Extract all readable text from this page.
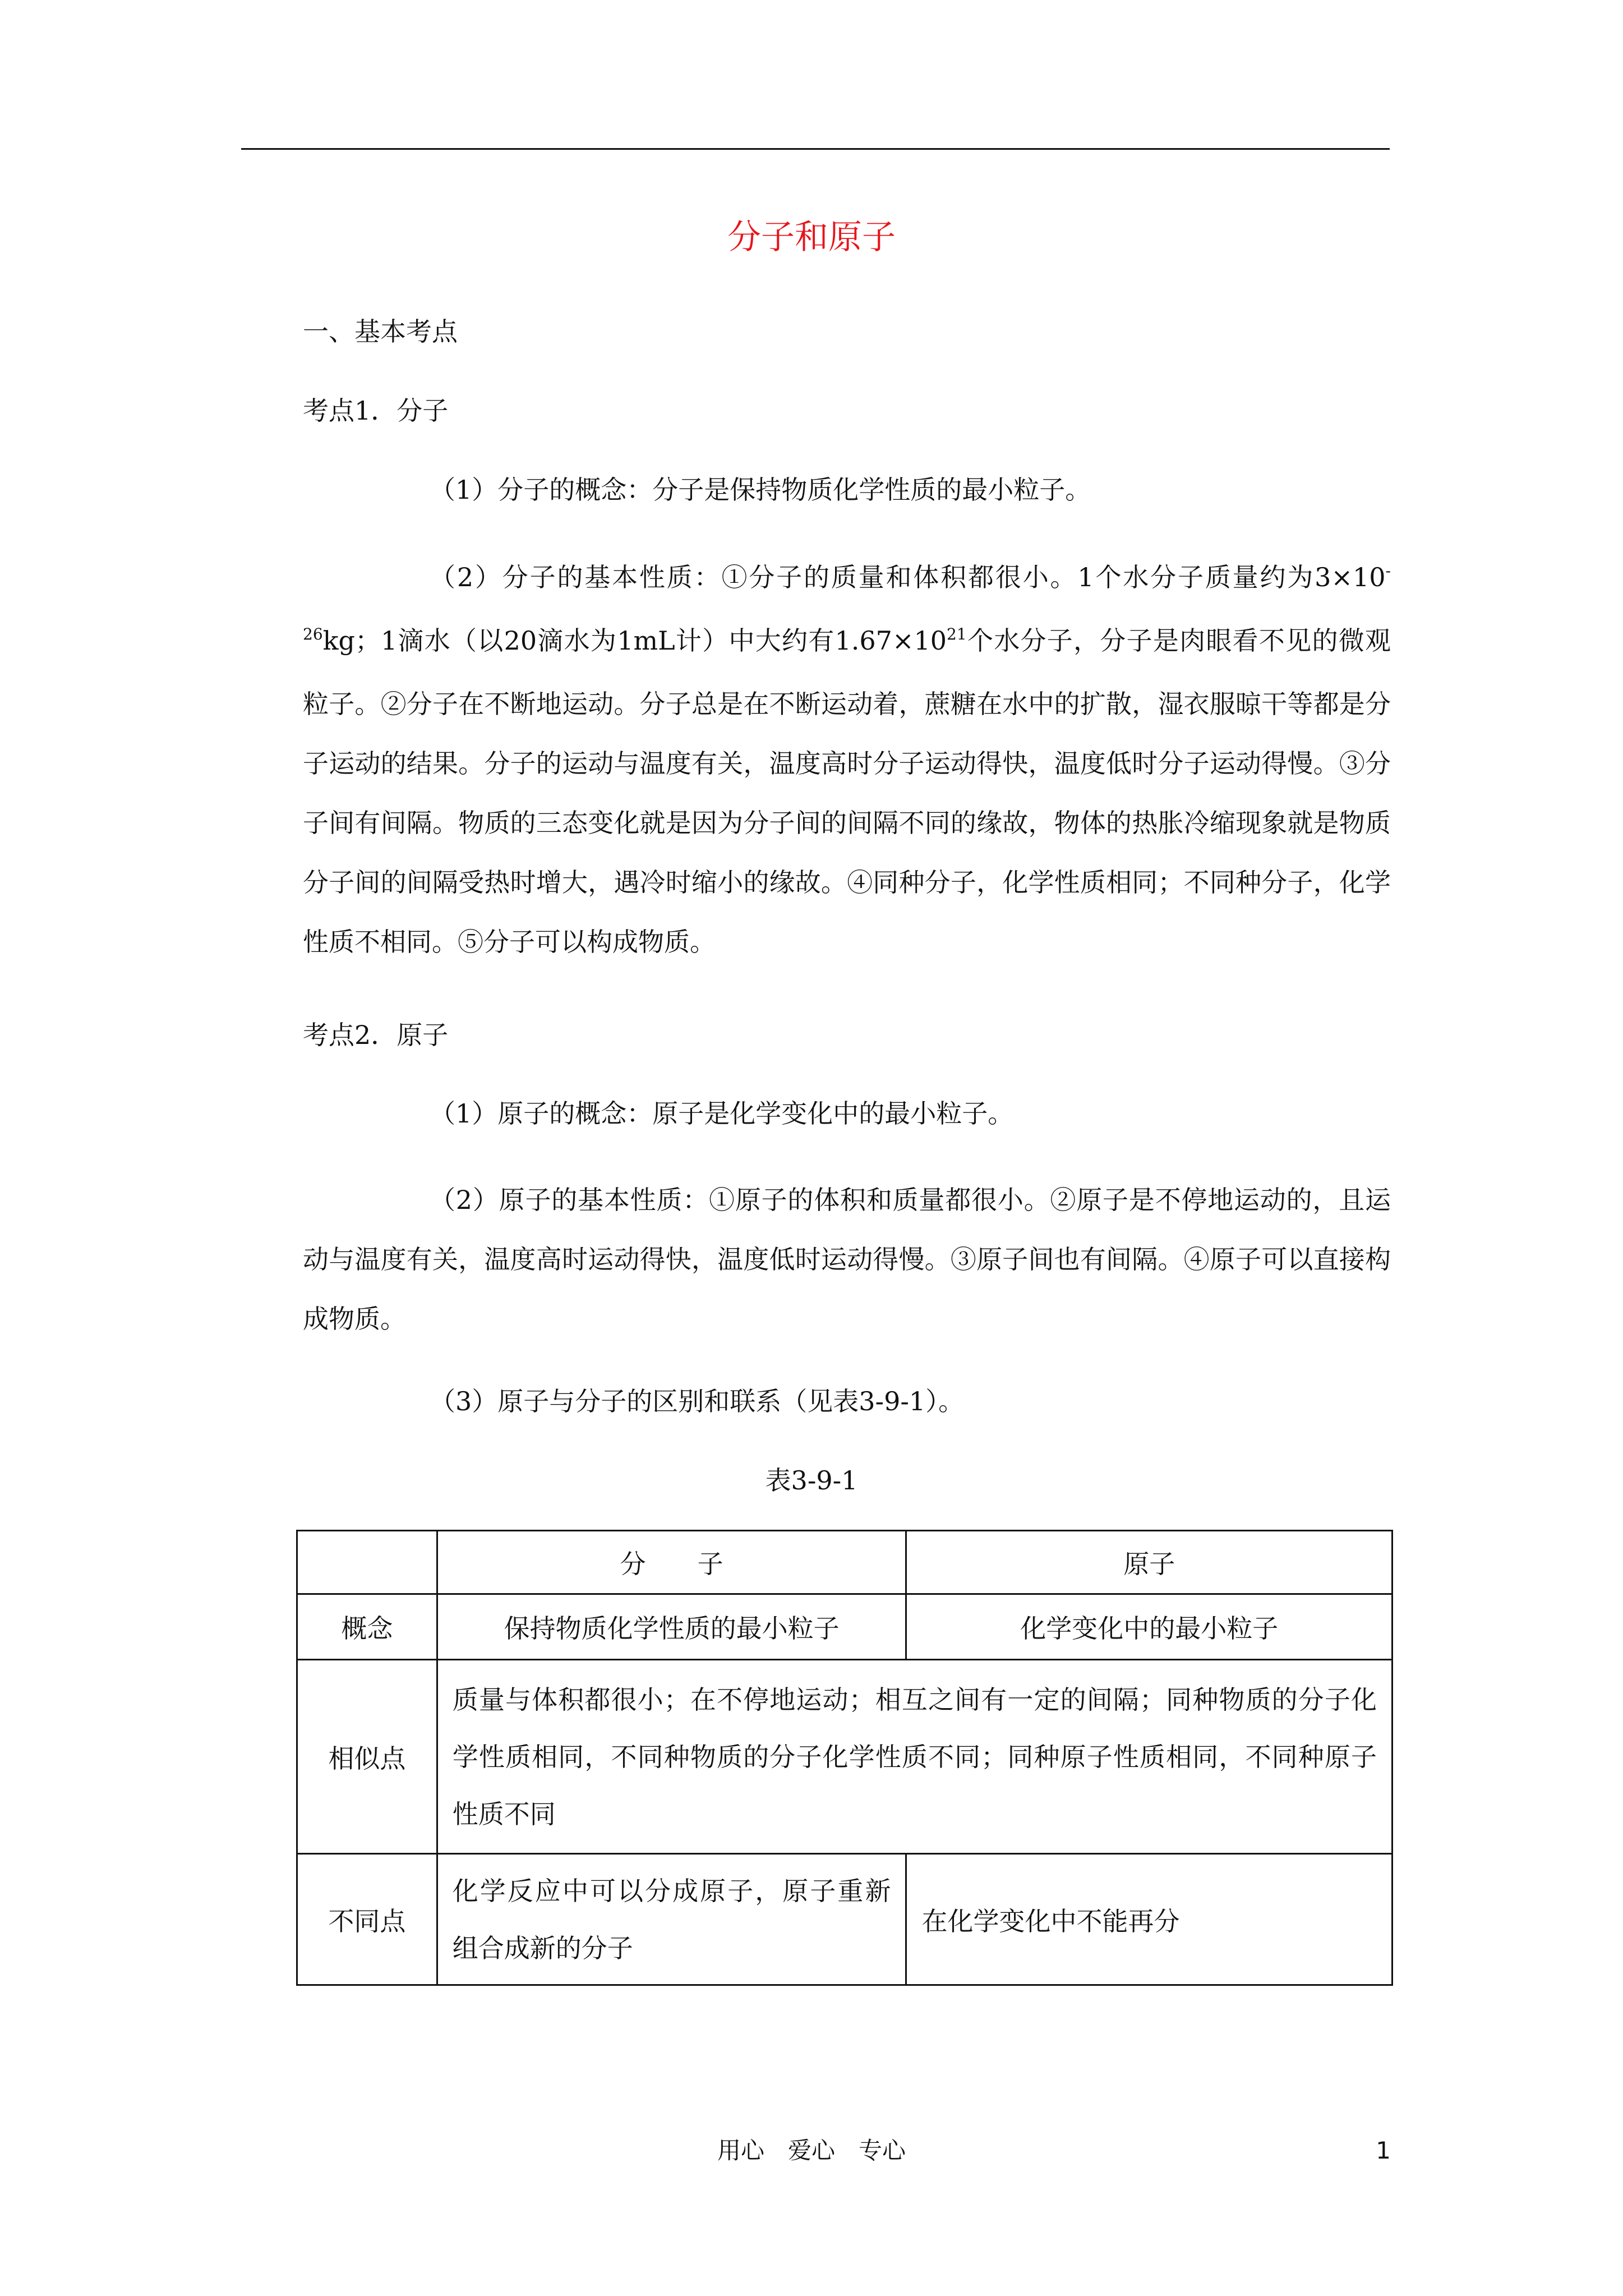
分子和原子
一、基本考点
考点1．分子
（1）分子的概念：分子是保持物质化学性质的最小粒子。
（2）分子的基本性质：①分子的质量和体积都很小。1个水分子质量约为$3\times 10^{-26}kg$；1滴水（以20滴水为1mL计）中大约有$1.67\times 10^{21}$个水分子，分子是肉眼看不见的微观粒子。②分子在不断地运动。分子总是在不断运动着，蔗糖在水中的扩散，湿衣服晾干等都是分子运动的结果。分子的运动与温度有关，温度高时分子运动得快，温度低时分子运动得慢。③分子间有间隔。物质的三态变化就是因为分子间的间隔不同的缘故，物体的热胀冷缩现象就是物质分子间的间隔受热时增大，遇冷时缩小的缘故。④同种分子，化学性质相同；不同种分子，化学性质不相同。⑤分子可以构成物质。
考点2．原子
（1）原子的概念：原子是化学变化中的最小粒子。
（2）原子的基本性质：①原子的体积和质量都很小。②原子是不停地运动的，且运动与温度有关，温度高时运动得快，温度低时运动得慢。③原子间也有间隔。④原子可以直接构成物质。
（3）原子与分子的区别和联系（见表3-9-1）。
表3-9-1
	分　　子	原子
概念	保持物质化学性质的最小粒子	化学变化中的最小粒子
相似点	质量与体积都很小；在不停地运动；相互之间有一定的间隔；同种物质的分子化学性质相同，不同种物质的分子化学性质不同；同种原子性质相同，不同种原子性质不同	
不同点	化学反应中可以分成原子，原子重新组合成新的分子	在化学变化中不能再分
用心　爱心　专心	1
